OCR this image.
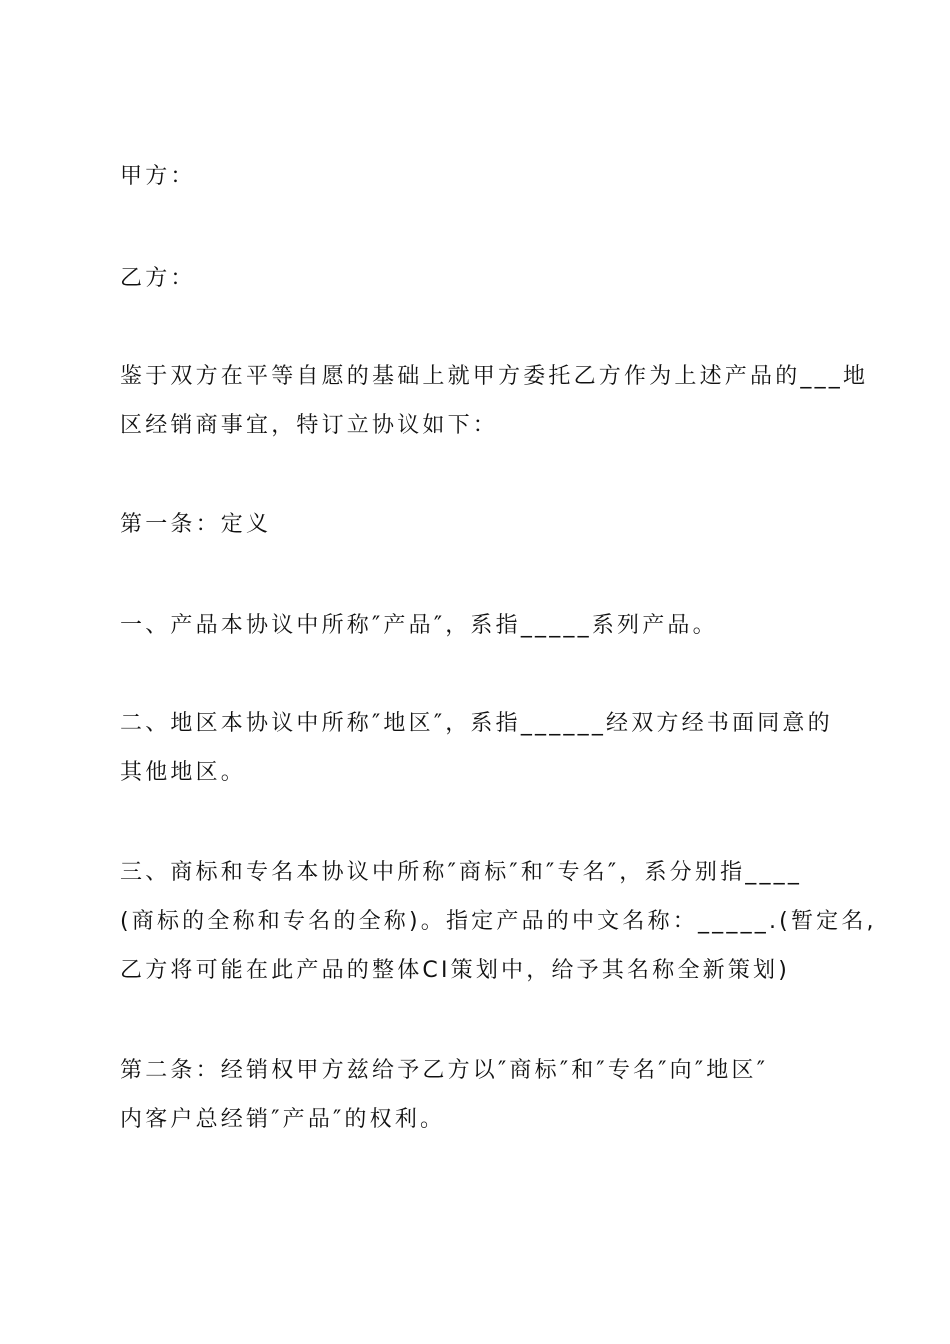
甲方：

乙方：

鉴于双方在平等自愿的基础上就甲方委托乙方作为上述产品的___地
区经销商事宜，特订立协议如下：

第一条：定义

一、产品本协议中所称″产品″，系指_____系列产品。

二、地区本协议中所称″地区″，系指______经双方经书面同意的
其他地区。

三、商标和专名本协议中所称″商标″和″专名″，系分别指____
(商标的全称和专名的全称)。指定产品的中文名称：_____.(暂定名,
乙方将可能在此产品的整体CI策划中，给予其名称全新策划)

第二条：经销权甲方兹给予乙方以″商标″和″专名″向″地区″
内客户总经销″产品″的权利。
